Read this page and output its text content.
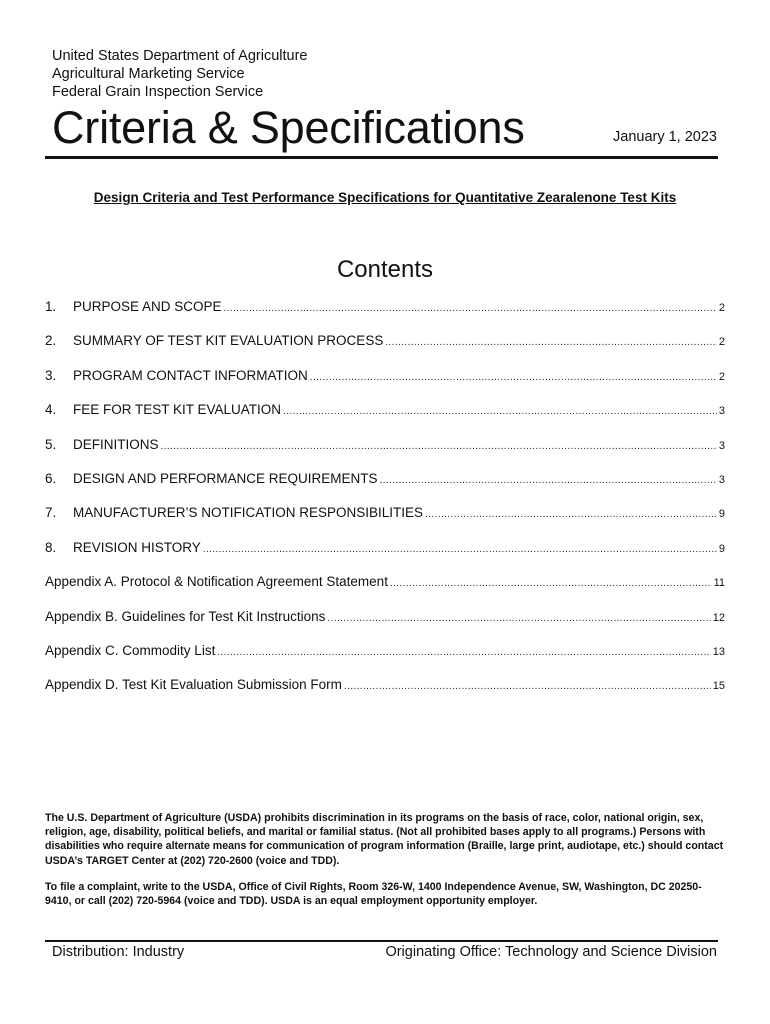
United States Department of Agriculture
Agricultural Marketing Service
Federal Grain Inspection Service
Criteria & Specifications	January 1, 2023
Design Criteria and Test Performance Specifications for Quantitative Zearalenone Test Kits
Contents
1.	PURPOSE AND SCOPE .....	2
2.	SUMMARY OF TEST KIT EVALUATION PROCESS .....	2
3.	PROGRAM CONTACT INFORMATION .....	2
4.	FEE FOR TEST KIT EVALUATION .....	3
5.	DEFINITIONS .....	3
6.	DESIGN AND PERFORMANCE REQUIREMENTS .....	3
7.	MANUFACTURER’S NOTIFICATION RESPONSIBILITIES .....	9
8.	REVISION HISTORY .....	9
Appendix A. Protocol & Notification Agreement Statement .....	11
Appendix B. Guidelines for Test Kit Instructions .....	12
Appendix C. Commodity List .....	13
Appendix D. Test Kit Evaluation Submission Form .....	15
The U.S. Department of Agriculture (USDA) prohibits discrimination in its programs on the basis of race, color, national origin, sex, religion, age, disability, political beliefs, and marital or familial status. (Not all prohibited bases apply to all programs.) Persons with disabilities who require alternate means for communication of program information (Braille, large print, audiotape, etc.) should contact USDA’s TARGET Center at (202) 720-2600 (voice and TDD).
To file a complaint, write to the USDA, Office of Civil Rights, Room 326-W, 1400 Independence Avenue, SW, Washington, DC 20250-9410, or call (202) 720-5964 (voice and TDD). USDA is an equal employment opportunity employer.
Distribution: Industry	Originating Office: Technology and Science Division
